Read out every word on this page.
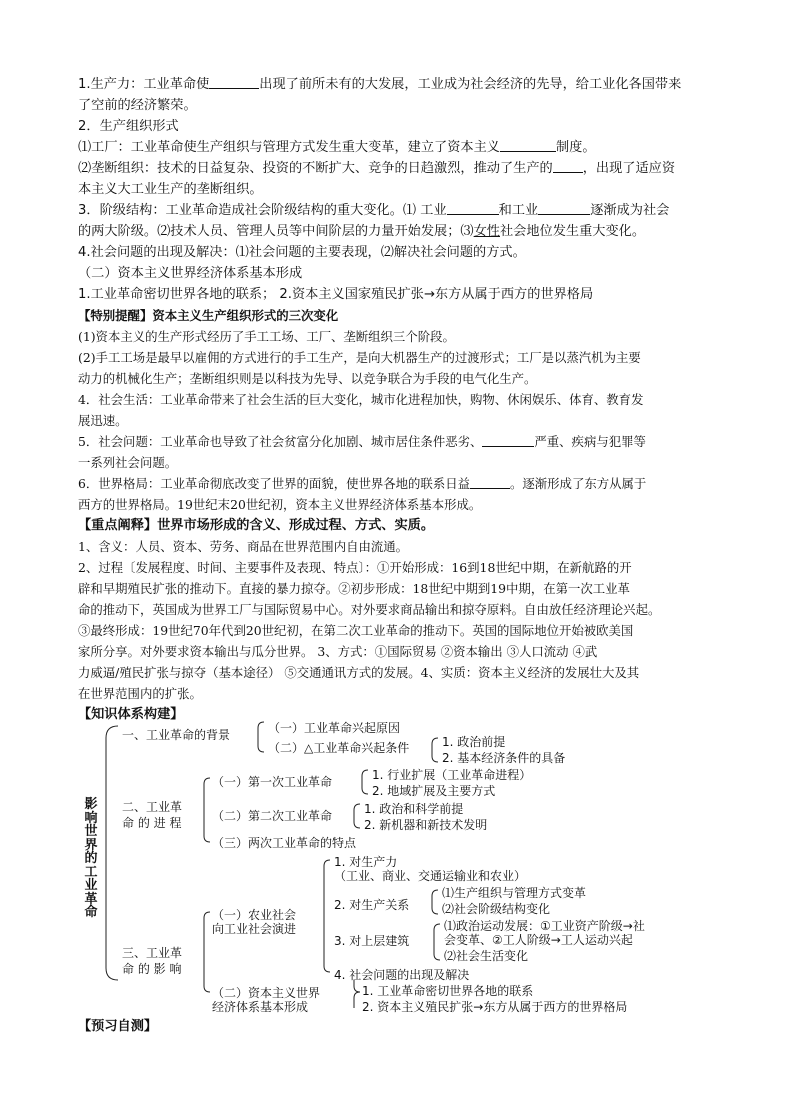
1.生产力：工业革命使	出现了前所未有的大发展，工业成为社会经济的先导，给工业化各国带来
了空前的经济繁荣。
2．生产组织形式
⑴工厂：工业革命使生产组织与管理方式发生重大变革，建立了资本主义	制度。
⑵垄断组织：技术的日益复杂、投资的不断扩大、竞争的日趋激烈，推动了生产的 ，出现了适应资
本主义大工业生产的垄断组织。
3．阶级结构：工业革命造成社会阶级结构的重大变化。⑴ 工业	和工业	逐渐成为社会
的两大阶级。⑵技术人员、管理人员等中间阶层的力量开始发展；⑶女性社会地位发生重大变化。
4.社会问题的出现及解决：⑴社会问题的主要表现，⑵解决社会问题的方式。
（二）资本主义世界经济体系基本形成
1.工业革命密切世界各地的联系； 2.资本主义国家殖民扩张→东方从属于西方的世界格局
【特别提醒】资本主义生产组织形式的三次变化
(1)资本主义的生产形式经历了手工工场、工厂、垄断组织三个阶段。
(2)手工工场是最早以雇佣的方式进行的手工生产，是向大机器生产的过渡形式；工厂是以蒸汽机为主要
动力的机械化生产；垄断组织则是以科技为先导、以竞争联合为手段的电气化生产。
4．社会生活：工业革命带来了社会生活的巨大变化，城市化进程加快，购物、休闲娱乐、体育、教育发
展迅速。
5．社会问题：工业革命也导致了社会贫富分化加剧、城市居住条件恶劣、	严重、疾病与犯罪等
一系列社会问题。
6．世界格局：工业革命彻底改变了世界的面貌，使世界各地的联系日益	。逐渐形成了东方从属于
西方的世界格局。19世纪末20世纪初，资本主义世界经济体系基本形成。
【重点阐释】世界市场形成的含义、形成过程、方式、实质。
1、含义：人员、资本、劳务、商品在世界范围内自由流通。
2、过程〔发展程度、时间、主要事件及表现、特点〕：①开始形成：16到18世纪中期，在新航路的开
辟和早期殖民扩张的推动下。直接的暴力掠夺。②初步形成：18世纪中期到19中期，在第一次工业革
命的推动下，英国成为世界工厂与国际贸易中心。对外要求商品输出和掠夺原料。自由放任经济理论兴起。
③最终形成：19世纪70年代到20世纪初，在第二次工业革命的推动下。英国的国际地位开始被欧美国
家所分享。对外要求资本输出与瓜分世界。 3、方式：①国际贸易 ②资本输出 ③人口流动 ④武
力威逼/殖民扩张与掠夺（基本途径） ⑤交通通讯方式的发展。4、实质：资本主义经济的发展壮大及其
在世界范围内的扩张。
【知识体系构建】
影响世界的工业革命
一、工业革命的背景	（一）工业革命兴起原因
（二）△工业革命兴起条件	1. 政治前提
2. 基本经济条件的具备
二、工业革
命 的 进 程
（一）第一次工业革命	1. 行业扩展（工业革命进程）
2. 地域扩展及主要方式
（二）第二次工业革命	1. 政治和科学前提
2. 新机器和新技术发明
（三）两次工业革命的特点
三、工业革
命 的 影 响
（一）农业社会
向工业社会演进
1. 对生产力
（工业、商业、交通运输业和农业）
2. 对生产关系
⑴生产组织与管理方式变革
⑵社会阶级结构变化
3. 对上层建筑
⑴政治运动发展：①工业资产阶级→社
会变革、②工人阶级→工人运动兴起
⑵社会生活变化
4. 社会问题的出现及解决
（二）资本主义世界
经济体系基本形成
1. 工业革命密切世界各地的联系
2. 资本主义殖民扩张→东方从属于西方的世界格局
【预习自测】
